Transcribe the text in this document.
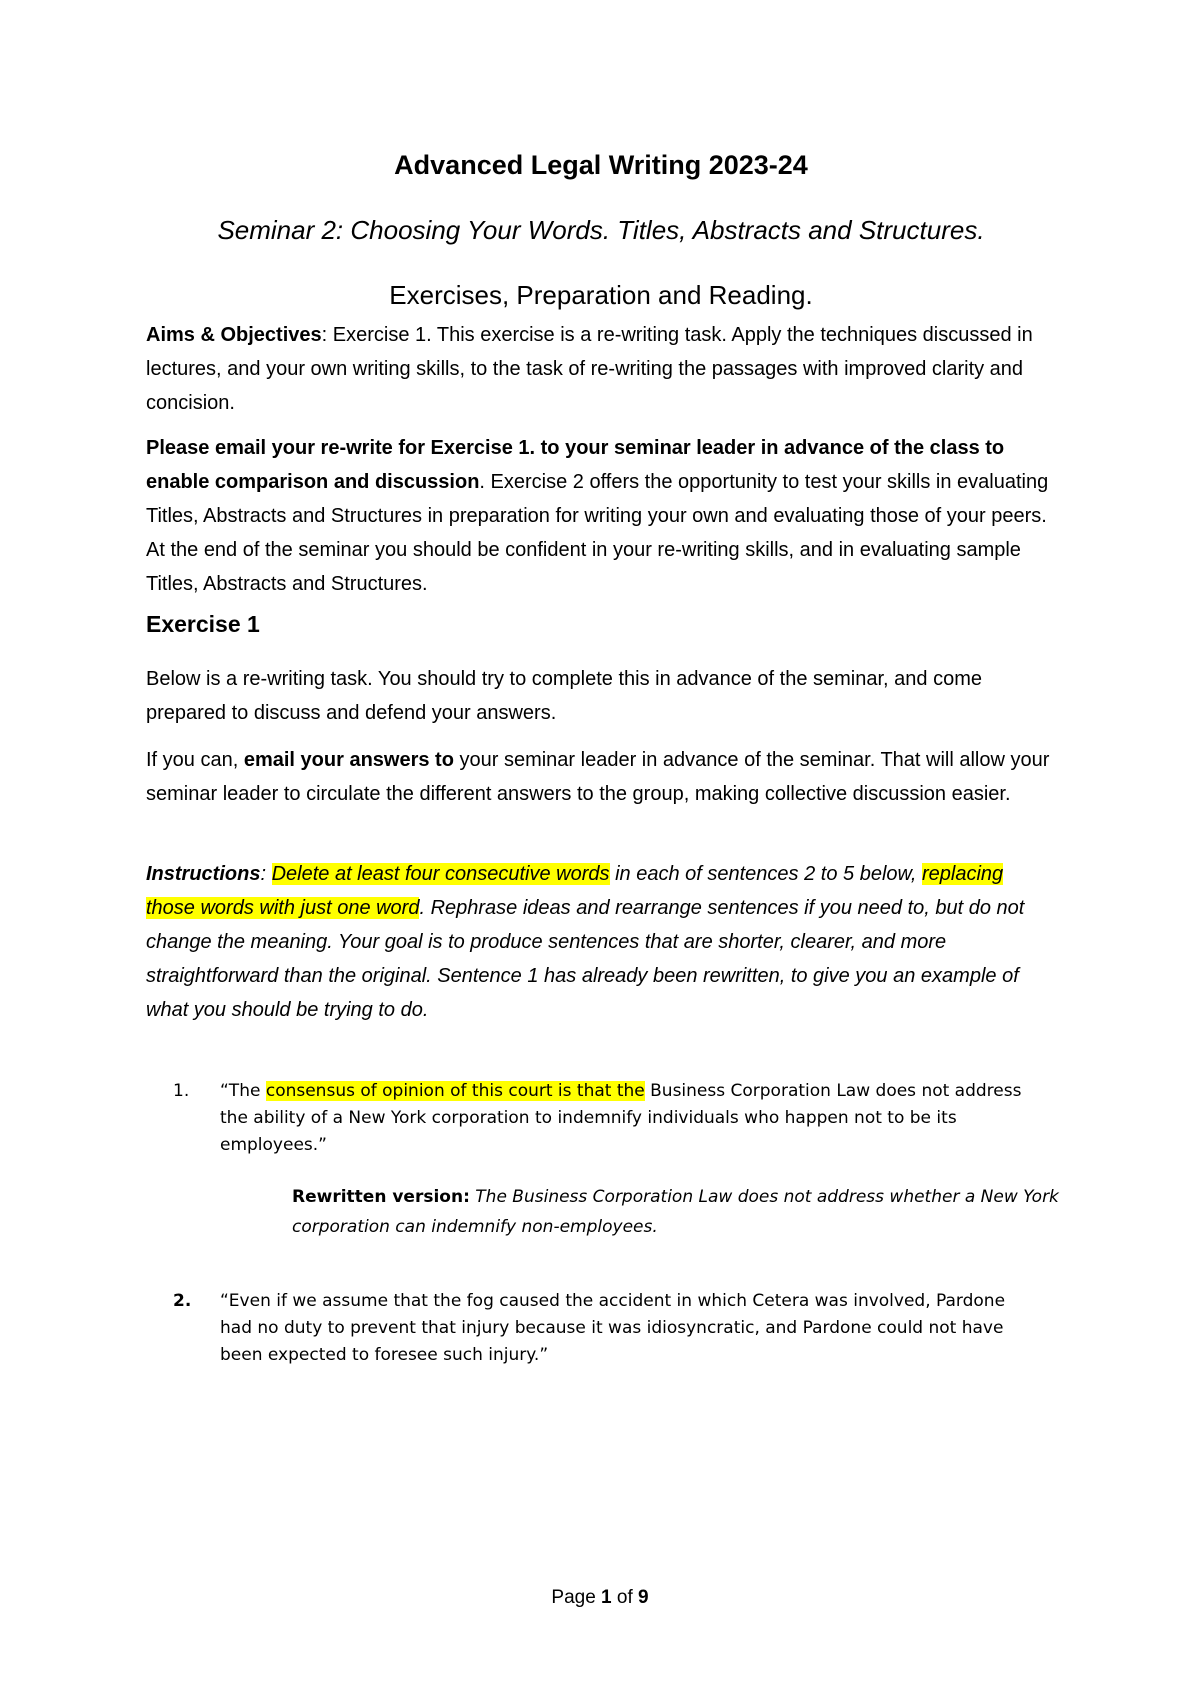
Advanced Legal Writing 2023-24
Seminar 2: Choosing Your Words. Titles, Abstracts and Structures.
Exercises, Preparation and Reading.
Aims & Objectives: Exercise 1. This exercise is a re-writing task. Apply the techniques discussed in lectures, and your own writing skills, to the task of re-writing the passages with improved clarity and concision.
Please email your re-write for Exercise 1. to your seminar leader in advance of the class to enable comparison and discussion. Exercise 2 offers the opportunity to test your skills in evaluating Titles, Abstracts and Structures in preparation for writing your own and evaluating those of your peers. At the end of the seminar you should be confident in your re-writing skills, and in evaluating sample Titles, Abstracts and Structures.
Exercise 1
Below is a re-writing task. You should try to complete this in advance of the seminar, and come prepared to discuss and defend your answers.
If you can, email your answers to your seminar leader in advance of the seminar. That will allow your seminar leader to circulate the different answers to the group, making collective discussion easier.
Instructions: Delete at least four consecutive words in each of sentences 2 to 5 below, replacing those words with just one word. Rephrase ideas and rearrange sentences if you need to, but do not change the meaning. Your goal is to produce sentences that are shorter, clearer, and more straightforward than the original. Sentence 1 has already been rewritten, to give you an example of what you should be trying to do.
1. “The consensus of opinion of this court is that the Business Corporation Law does not address the ability of a New York corporation to indemnify individuals who happen not to be its employees.”
Rewritten version: The Business Corporation Law does not address whether a New York corporation can indemnify non-employees.
2. “Even if we assume that the fog caused the accident in which Cetera was involved, Pardone had no duty to prevent that injury because it was idiosyncratic, and Pardone could not have been expected to foresee such injury.”
Page 1 of 9
